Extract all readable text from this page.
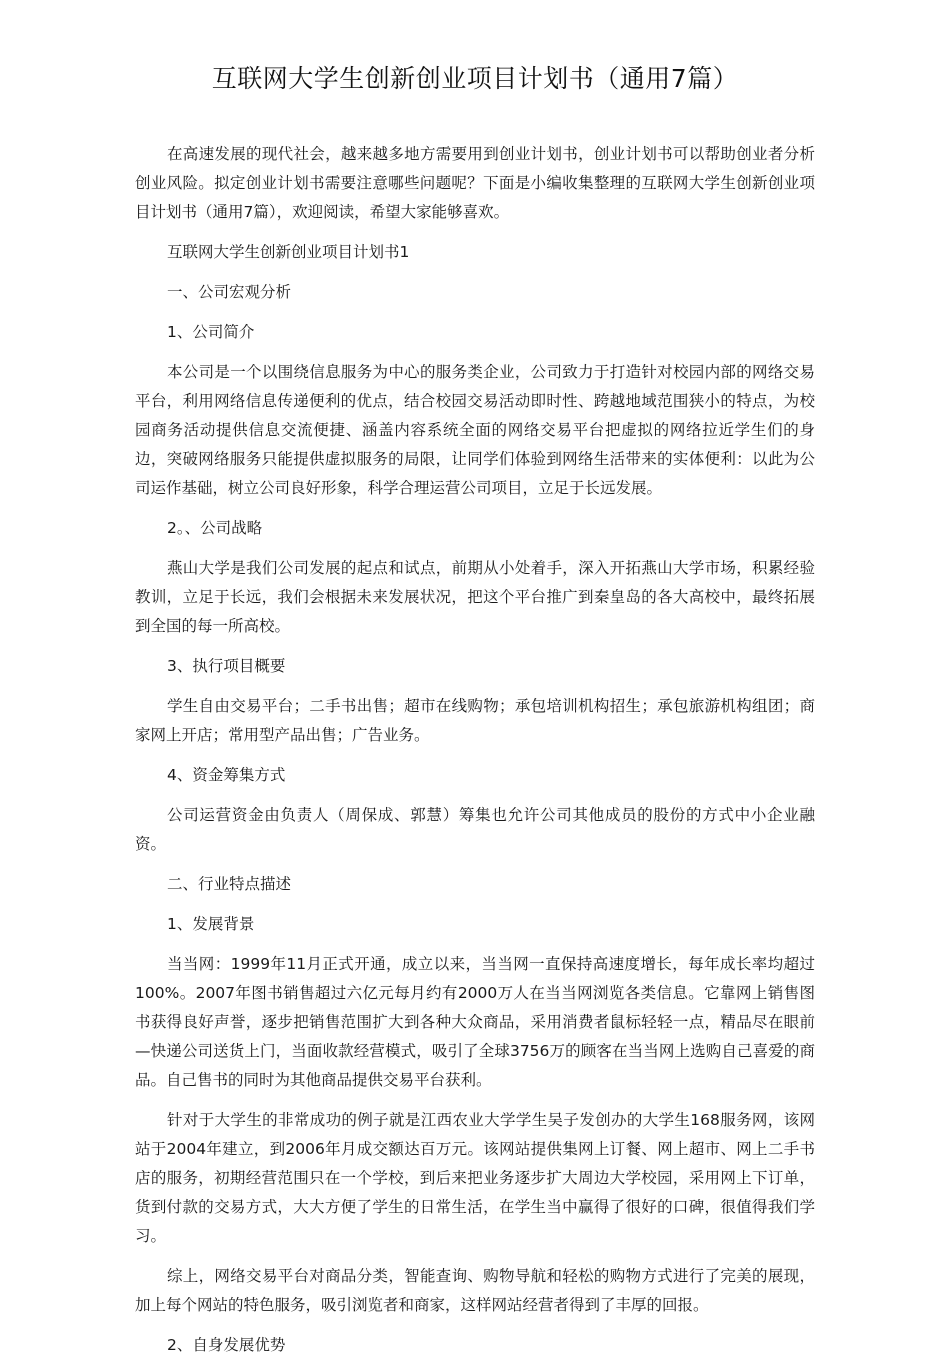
互联网大学生创新创业项目计划书（通用7篇）

在高速发展的现代社会，越来越多地方需要用到创业计划书，创业计划书可以帮助创业者分析创业风险。拟定创业计划书需要注意哪些问题呢？下面是小编收集整理的互联网大学生创新创业项目计划书（通用7篇），欢迎阅读，希望大家能够喜欢。

互联网大学生创新创业项目计划书1

一、公司宏观分析

1、公司简介

本公司是一个以围绕信息服务为中心的服务类企业，公司致力于打造针对校园内部的网络交易平台，利用网络信息传递便利的优点，结合校园交易活动即时性、跨越地域范围狭小的特点，为校园商务活动提供信息交流便捷、涵盖内容系统全面的网络交易平台把虚拟的网络拉近学生们的身边，突破网络服务只能提供虚拟服务的局限，让同学们体验到网络生活带来的实体便利：以此为公司运作基础，树立公司良好形象，科学合理运营公司项目，立足于长远发展。

2。、公司战略

燕山大学是我们公司发展的起点和试点，前期从小处着手，深入开拓燕山大学市场，积累经验教训，立足于长远，我们会根据未来发展状况，把这个平台推广到秦皇岛的各大高校中，最终拓展到全国的每一所高校。

3、执行项目概要

学生自由交易平台；二手书出售；超市在线购物；承包培训机构招生；承包旅游机构组团；商家网上开店；常用型产品出售；广告业务。

4、资金筹集方式

公司运营资金由负责人（周保成、郭慧）筹集也允许公司其他成员的股份的方式中小企业融资。

二、行业特点描述

1、发展背景

当当网：1999年11月正式开通，成立以来，当当网一直保持高速度增长，每年成长率均超过100%。2007年图书销售超过六亿元每月约有2000万人在当当网浏览各类信息。它靠网上销售图书获得良好声誉，逐步把销售范围扩大到各种大众商品，采用消费者鼠标轻轻一点，精品尽在眼前—快递公司送货上门，当面收款经营模式，吸引了全球3756万的顾客在当当网上选购自己喜爱的商品。自己售书的同时为其他商品提供交易平台获利。

针对于大学生的非常成功的例子就是江西农业大学学生吴子发创办的大学生168服务网，该网站于2004年建立，到2006年月成交额达百万元。该网站提供集网上订餐、网上超市、网上二手书店的服务，初期经营范围只在一个学校，到后来把业务逐步扩大周边大学校园，采用网上下订单，货到付款的交易方式，大大方便了学生的日常生活，在学生当中赢得了很好的口碑，很值得我们学习。

综上，网络交易平台对商品分类，智能查询、购物导航和轻松的购物方式进行了完美的展现，加上每个网站的特色服务，吸引浏览者和商家，这样网站经营者得到了丰厚的回报。

2、自身发展优势
